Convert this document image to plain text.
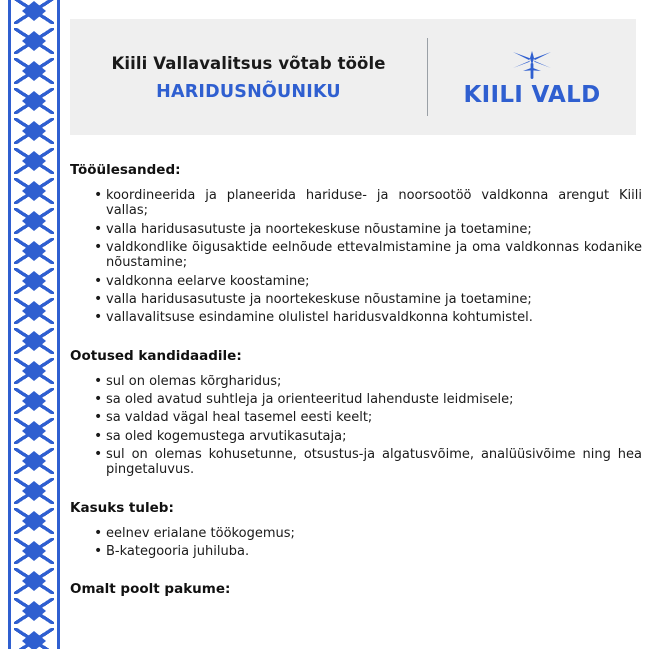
Kiili Vallavalitsus võtab tööle
HARIDUSNÕUNIKU	KIILI VALD
Tööülesanded:
• koordineerida ja planeerida hariduse- ja noorsootöö valdkonna arengut Kiili vallas;
• valla haridusasutuste ja noortekeskuse nõustamine ja toetamine;
• valdkondlike õigusaktide eelnõude ettevalmistamine ja oma valdkonnas kodanike nõustamine;
• valdkonna eelarve koostamine;
• valla haridusasutuste ja noortekeskuse nõustamine ja toetamine;
• vallavalitsuse esindamine olulistel haridusvaldkonna kohtumistel.
Ootused kandidaadile:
• sul on olemas kõrgharidus;
• sa oled avatud suhtleja ja orienteeritud lahenduste leidmisele;
• sa valdad vägal heal tasemel eesti keelt;
• sa oled kogemustega arvutikasutaja;
• sul on olemas kohusetunne, otsustus-ja algatusvõime, analüüsivõime ning hea pingetaluvus.
Kasuks tuleb:
• eelnev erialane töökogemus;
• B-kategooria juhiluba.
Omalt poolt pakume:
